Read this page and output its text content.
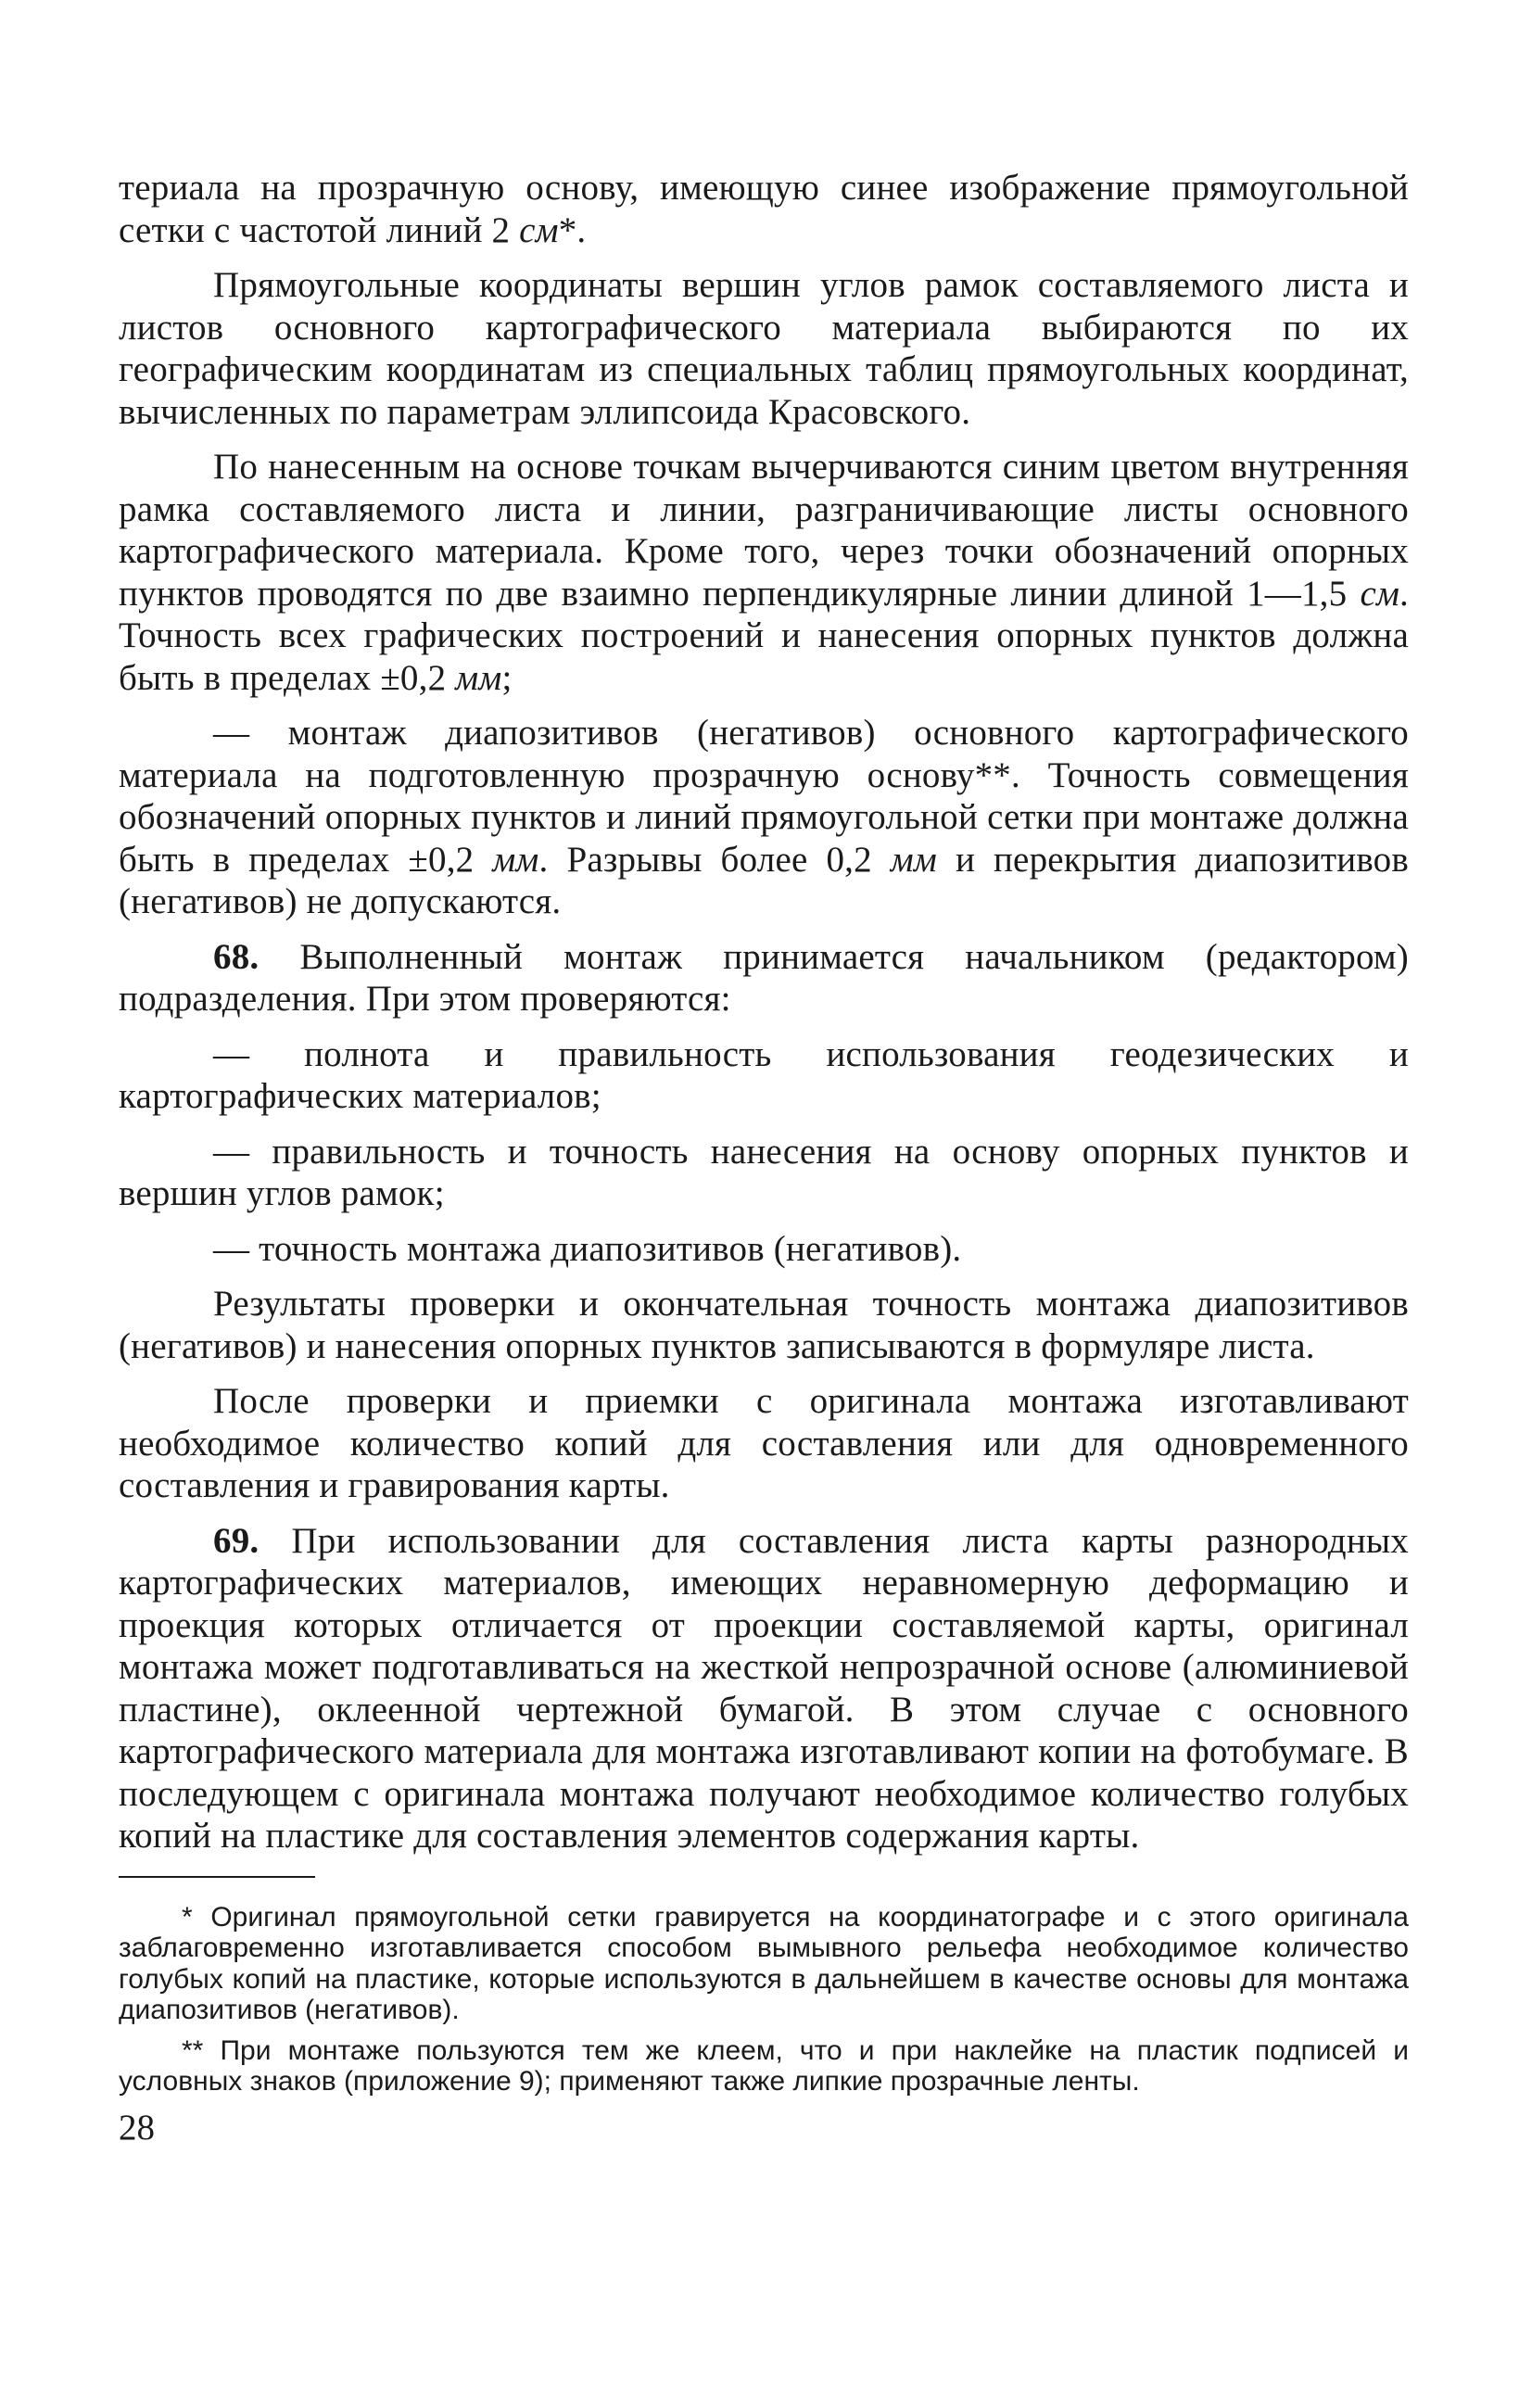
териала на прозрачную основу, имеющую синее изображение прямоугольной сетки с частотой линий 2 см*.

Прямоугольные координаты вершин углов рамок составляемого листа и листов основного картографического материала выбираются по их географическим координатам из специальных таблиц прямоугольных координат, вычисленных по параметрам эллипсоида Красовского.

По нанесенным на основе точкам вычерчиваются синим цветом внутренняя рамка составляемого листа и линии, разграничивающие листы основного картографического материала. Кроме того, через точки обозначений опорных пунктов проводятся по две взаимно перпендикулярные линии длиной 1—1,5 см. Точность всех графических построений и нанесения опорных пунктов должна быть в пределах ±0,2 мм;

— монтаж диапозитивов (негативов) основного картографического материала на подготовленную прозрачную основу**. Точность совмещения обозначений опорных пунктов и линий прямоугольной сетки при монтаже должна быть в пределах ±0,2 мм. Разрывы более 0,2 мм и перекрытия диапозитивов (негативов) не допускаются.

68. Выполненный монтаж принимается начальником (редактором) подразделения. При этом проверяются:

— полнота и правильность использования геодезических и картографических материалов;

— правильность и точность нанесения на основу опорных пунктов и вершин углов рамок;

— точность монтажа диапозитивов (негативов).

Результаты проверки и окончательная точность монтажа диапозитивов (негативов) и нанесения опорных пунктов записываются в формуляре листа.

После проверки и приемки с оригинала монтажа изготавливают необходимое количество копий для составления или для одновременного составления и гравирования карты.

69. При использовании для составления листа карты разнородных картографических материалов, имеющих неравномерную деформацию и проекция которых отличается от проекции составляемой карты, оригинал монтажа может подготавливаться на жесткой непрозрачной основе (алюминиевой пластине), оклеенной чертежной бумагой. В этом случае с основного картографического материала для монтажа изготавливают копии на фотобумаге. В последующем с оригинала монтажа получают необходимое количество голубых копий на пластике для составления элементов содержания карты.

* Оригинал прямоугольной сетки гравируется на координатографе и с этого оригинала заблаговременно изготавливается способом вымывного рельефа необходимое количество голубых копий на пластике, которые используются в дальнейшем в качестве основы для монтажа диапозитивов (негативов).

** При монтаже пользуются тем же клеем, что и при наклейке на пластик подписей и условных знаков (приложение 9); применяют также липкие прозрачные ленты.

28
